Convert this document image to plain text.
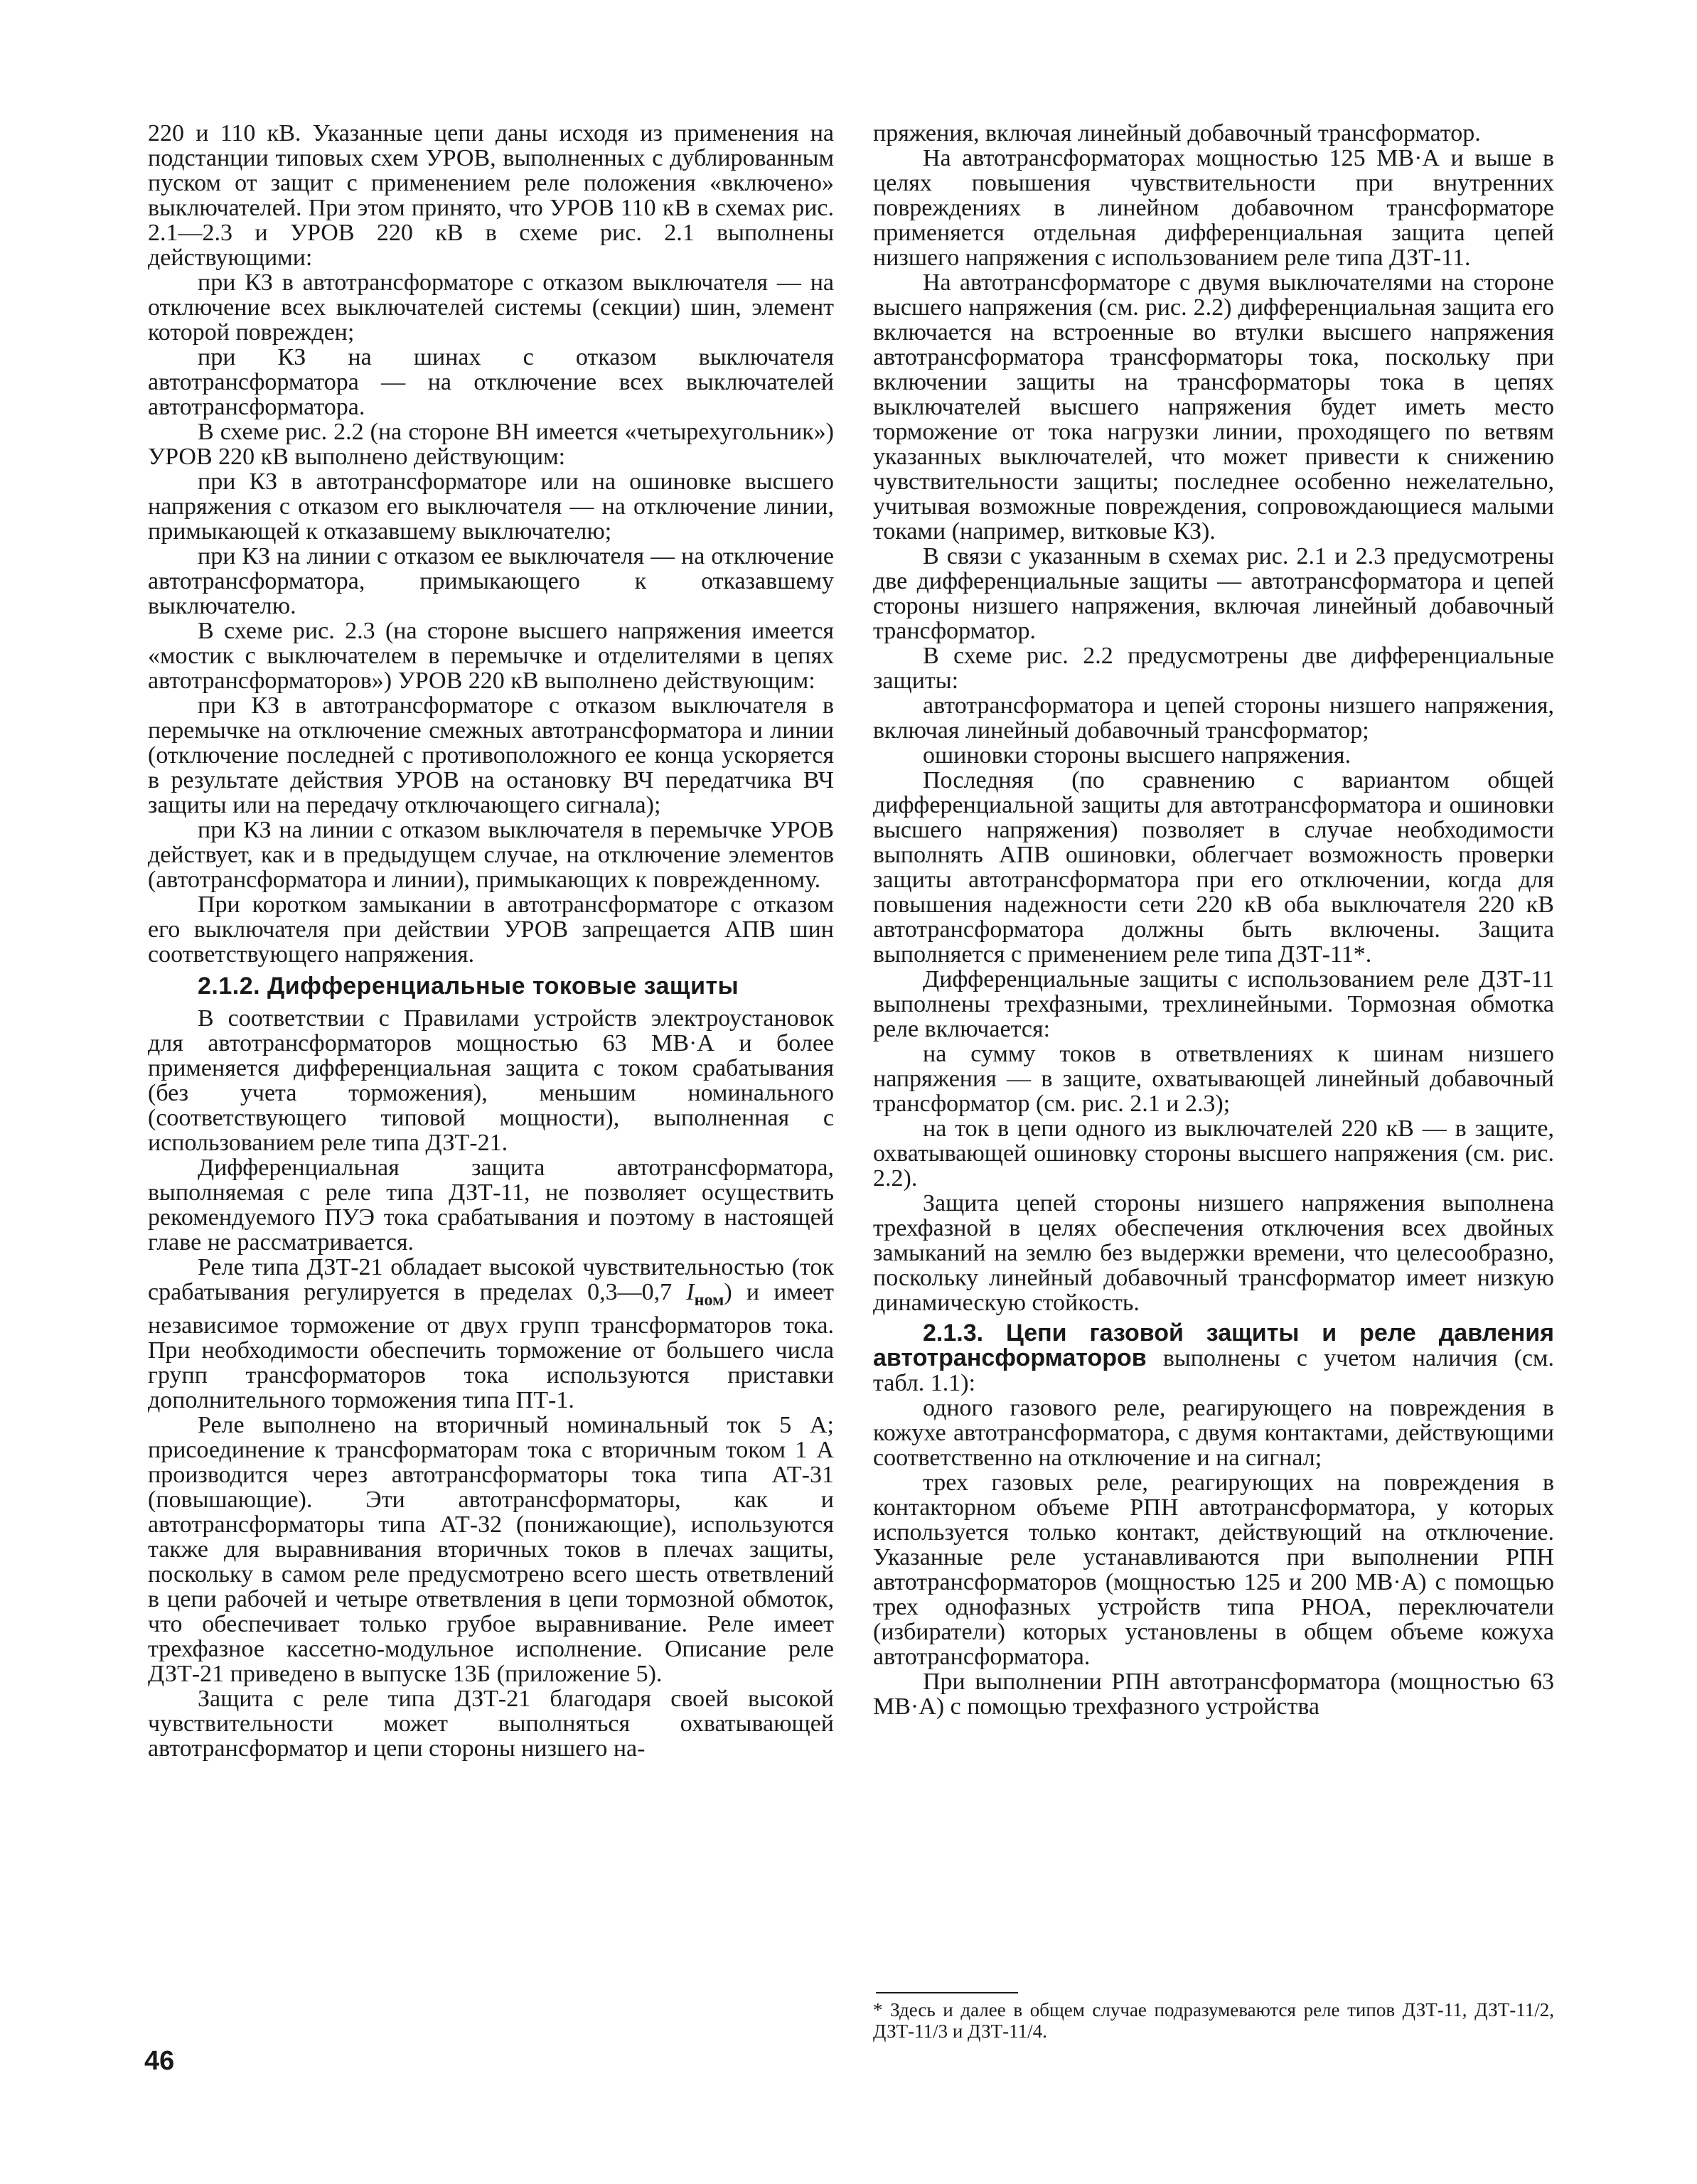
220 и 110 кВ. Указанные цепи даны исходя из применения на подстанции типовых схем УРОВ, выполненных с дублированным пуском от защит с применением реле положения «включено» выключателей. При этом принято, что УРОВ 110 кВ в схемах рис. 2.1—2.3 и УРОВ 220 кВ в схеме рис. 2.1 выполнены действующими:

при КЗ в автотрансформаторе с отказом выключателя — на отключение всех выключателей системы (секции) шин, элемент которой поврежден;

при КЗ на шинах с отказом выключателя автотрансформатора — на отключение всех выключателей автотрансформатора.

В схеме рис. 2.2 (на стороне ВН имеется «четырехугольник») УРОВ 220 кВ выполнено действующим:

при КЗ в автотрансформаторе или на ошиновке высшего напряжения с отказом его выключателя — на отключение линии, примыкающей к отказавшему выключателю;

при КЗ на линии с отказом ее выключателя — на отключение автотрансформатора, примыкающего к отказавшему выключателю.

В схеме рис. 2.3 (на стороне высшего напряжения имеется «мостик с выключателем в перемычке и отделителями в цепях автотрансформаторов») УРОВ 220 кВ выполнено действующим:

при КЗ в автотрансформаторе с отказом выключателя в перемычке на отключение смежных автотрансформатора и линии (отключение последней с противоположного ее конца ускоряется в результате действия УРОВ на остановку ВЧ передатчика ВЧ защиты или на передачу отключающего сигнала);

при КЗ на линии с отказом выключателя в перемычке УРОВ действует, как и в предыдущем случае, на отключение элементов (автотрансформатора и линии), примыкающих к поврежденному.

При коротком замыкании в автотрансформаторе с отказом его выключателя при действии УРОВ запрещается АПВ шин соответствующего напряжения.

2.1.2. Дифференциальные токовые защиты

В соответствии с Правилами устройств электроустановок для автотрансформаторов мощностью 63 МВ·А и более применяется дифференциальная защита с током срабатывания (без учета торможения), меньшим номинального (соответствующего типовой мощности), выполненная с использованием реле типа ДЗТ-21.

Дифференциальная защита автотрансформатора, выполняемая с реле типа ДЗТ-11, не позволяет осуществить рекомендуемого ПУЭ тока срабатывания и поэтому в настоящей главе не рассматривается.

Реле типа ДЗТ-21 обладает высокой чувствительностью (ток срабатывания регулируется в пределах 0,3—0,7 $I_{ном}$) и имеет независимое торможение от двух групп трансформаторов тока. При необходимости обеспечить торможение от большего числа групп трансформаторов тока используются приставки дополнительного торможения типа ПТ-1.

Реле выполнено на вторичный номинальный ток 5 А; присоединение к трансформаторам тока с вторичным током 1 А производится через автотрансформаторы тока типа АТ-31 (повышающие). Эти автотрансформаторы, как и автотрансформаторы типа АТ-32 (понижающие), используются также для выравнивания вторичных токов в плечах защиты, поскольку в самом реле предусмотрено всего шесть ответвлений в цепи рабочей и четыре ответвления в цепи тормозной обмоток, что обеспечивает только грубое выравнивание. Реле имеет трехфазное кассетно-модульное исполнение. Описание реле ДЗТ-21 приведено в выпуске 13Б (приложение 5).

Защита с реле типа ДЗТ-21 благодаря своей высокой чувствительности может выполняться охватывающей автотрансформатор и цепи стороны низшего на-

пряжения, включая линейный добавочный трансформатор.

На автотрансформаторах мощностью 125 МВ·А и выше в целях повышения чувствительности при внутренних повреждениях в линейном добавочном трансформаторе применяется отдельная дифференциальная защита цепей низшего напряжения с использованием реле типа ДЗТ-11.

На автотрансформаторе с двумя выключателями на стороне высшего напряжения (см. рис. 2.2) дифференциальная защита его включается на встроенные во втулки высшего напряжения автотрансформатора трансформаторы тока, поскольку при включении защиты на трансформаторы тока в цепях выключателей высшего напряжения будет иметь место торможение от тока нагрузки линии, проходящего по ветвям указанных выключателей, что может привести к снижению чувствительности защиты; последнее особенно нежелательно, учитывая возможные повреждения, сопровождающиеся малыми токами (например, витковые КЗ).

В связи с указанным в схемах рис. 2.1 и 2.3 предусмотрены две дифференциальные защиты — автотрансформатора и цепей стороны низшего напряжения, включая линейный добавочный трансформатор.

В схеме рис. 2.2 предусмотрены две дифференциальные защиты:

автотрансформатора и цепей стороны низшего напряжения, включая линейный добавочный трансформатор;

ошиновки стороны высшего напряжения.

Последняя (по сравнению с вариантом общей дифференциальной защиты для автотрансформатора и ошиновки высшего напряжения) позволяет в случае необходимости выполнять АПВ ошиновки, облегчает возможность проверки защиты автотрансформатора при его отключении, когда для повышения надежности сети 220 кВ оба выключателя 220 кВ автотрансформатора должны быть включены. Защита выполняется с применением реле типа ДЗТ-11*.

Дифференциальные защиты с использованием реле ДЗТ-11 выполнены трехфазными, трехлинейными. Тормозная обмотка реле включается:

на сумму токов в ответвлениях к шинам низшего напряжения — в защите, охватывающей линейный добавочный трансформатор (см. рис. 2.1 и 2.3);

на ток в цепи одного из выключателей 220 кВ — в защите, охватывающей ошиновку стороны высшего напряжения (см. рис. 2.2).

Защита цепей стороны низшего напряжения выполнена трехфазной в целях обеспечения отключения всех двойных замыканий на землю без выдержки времени, что целесообразно, поскольку линейный добавочный трансформатор имеет низкую динамическую стойкость.

2.1.3. Цепи газовой защиты и реле давления автотрансформаторов выполнены с учетом наличия (см. табл. 1.1):

одного газового реле, реагирующего на повреждения в кожухе автотрансформатора, с двумя контактами, действующими соответственно на отключение и на сигнал;

трех газовых реле, реагирующих на повреждения в контакторном объеме РПН автотрансформатора, у которых используется только контакт, действующий на отключение. Указанные реле устанавливаются при выполнении РПН автотрансформаторов (мощностью 125 и 200 МВ·А) с помощью трех однофазных устройств типа РНОА, переключатели (избиратели) которых установлены в общем объеме кожуха автотрансформатора.

При выполнении РПН автотрансформатора (мощностью 63 МВ·А) с помощью трехфазного устройства

* Здесь и далее в общем случае подразумеваются реле типов ДЗТ-11, ДЗТ-11/2, ДЗТ-11/3 и ДЗТ-11/4.
46
